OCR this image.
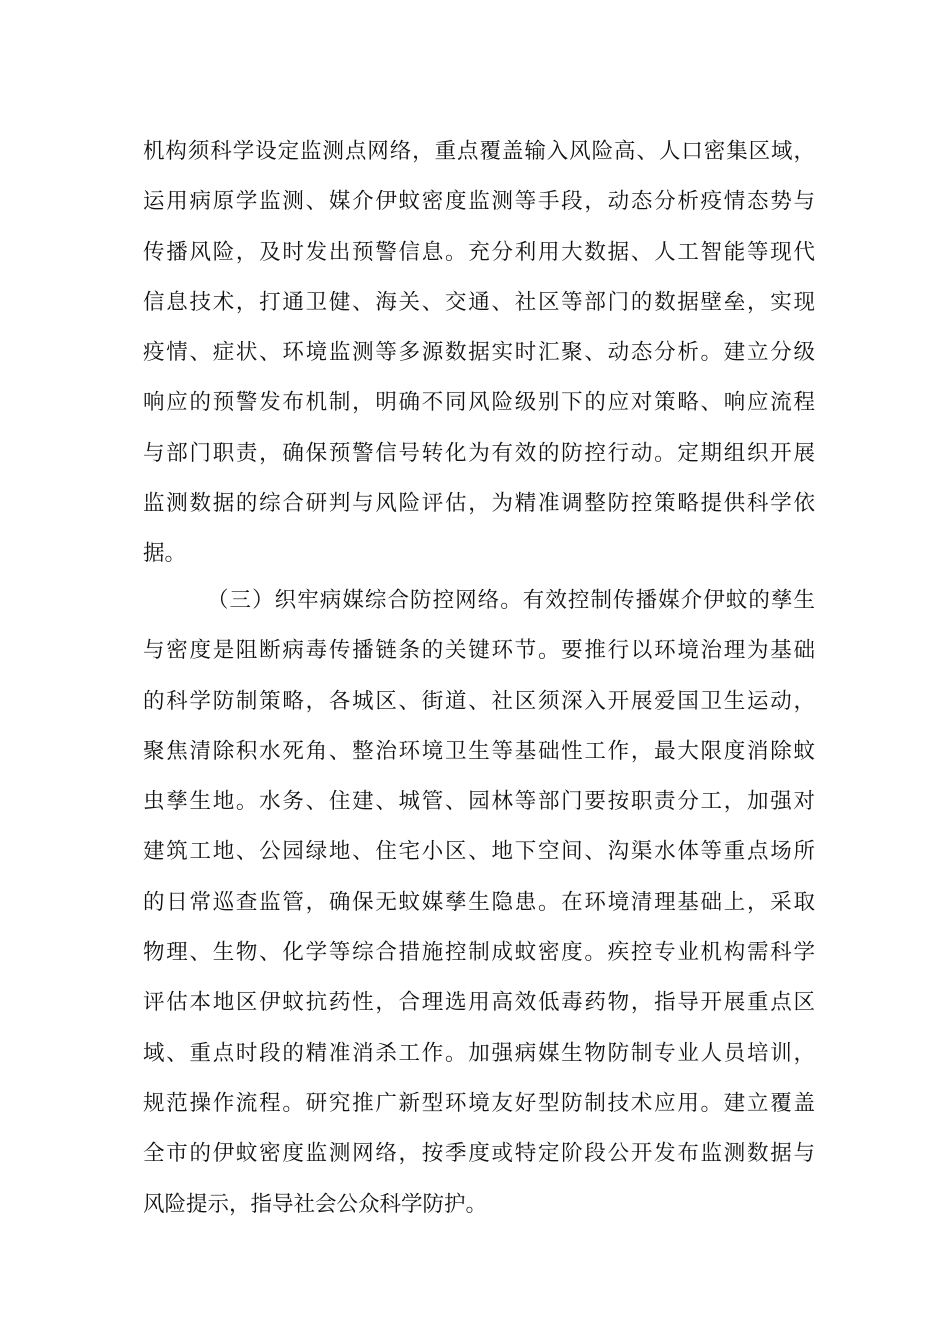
机构须科学设定监测点网络，重点覆盖输入风险高、人口密集区域，
运用病原学监测、媒介伊蚊密度监测等手段，动态分析疫情态势与
传播风险，及时发出预警信息。充分利用大数据、人工智能等现代
信息技术，打通卫健、海关、交通、社区等部门的数据壁垒，实现
疫情、症状、环境监测等多源数据实时汇聚、动态分析。建立分级
响应的预警发布机制，明确不同风险级别下的应对策略、响应流程
与部门职责，确保预警信号转化为有效的防控行动。定期组织开展
监测数据的综合研判与风险评估，为精准调整防控策略提供科学依
据。
（三）织牢病媒综合防控网络。有效控制传播媒介伊蚊的孳生
与密度是阻断病毒传播链条的关键环节。要推行以环境治理为基础
的科学防制策略，各城区、街道、社区须深入开展爱国卫生运动，
聚焦清除积水死角、整治环境卫生等基础性工作，最大限度消除蚊
虫孳生地。水务、住建、城管、园林等部门要按职责分工，加强对
建筑工地、公园绿地、住宅小区、地下空间、沟渠水体等重点场所
的日常巡查监管，确保无蚊媒孳生隐患。在环境清理基础上，采取
物理、生物、化学等综合措施控制成蚊密度。疾控专业机构需科学
评估本地区伊蚊抗药性，合理选用高效低毒药物，指导开展重点区
域、重点时段的精准消杀工作。加强病媒生物防制专业人员培训，
规范操作流程。研究推广新型环境友好型防制技术应用。建立覆盖
全市的伊蚊密度监测网络，按季度或特定阶段公开发布监测数据与
风险提示，指导社会公众科学防护。
